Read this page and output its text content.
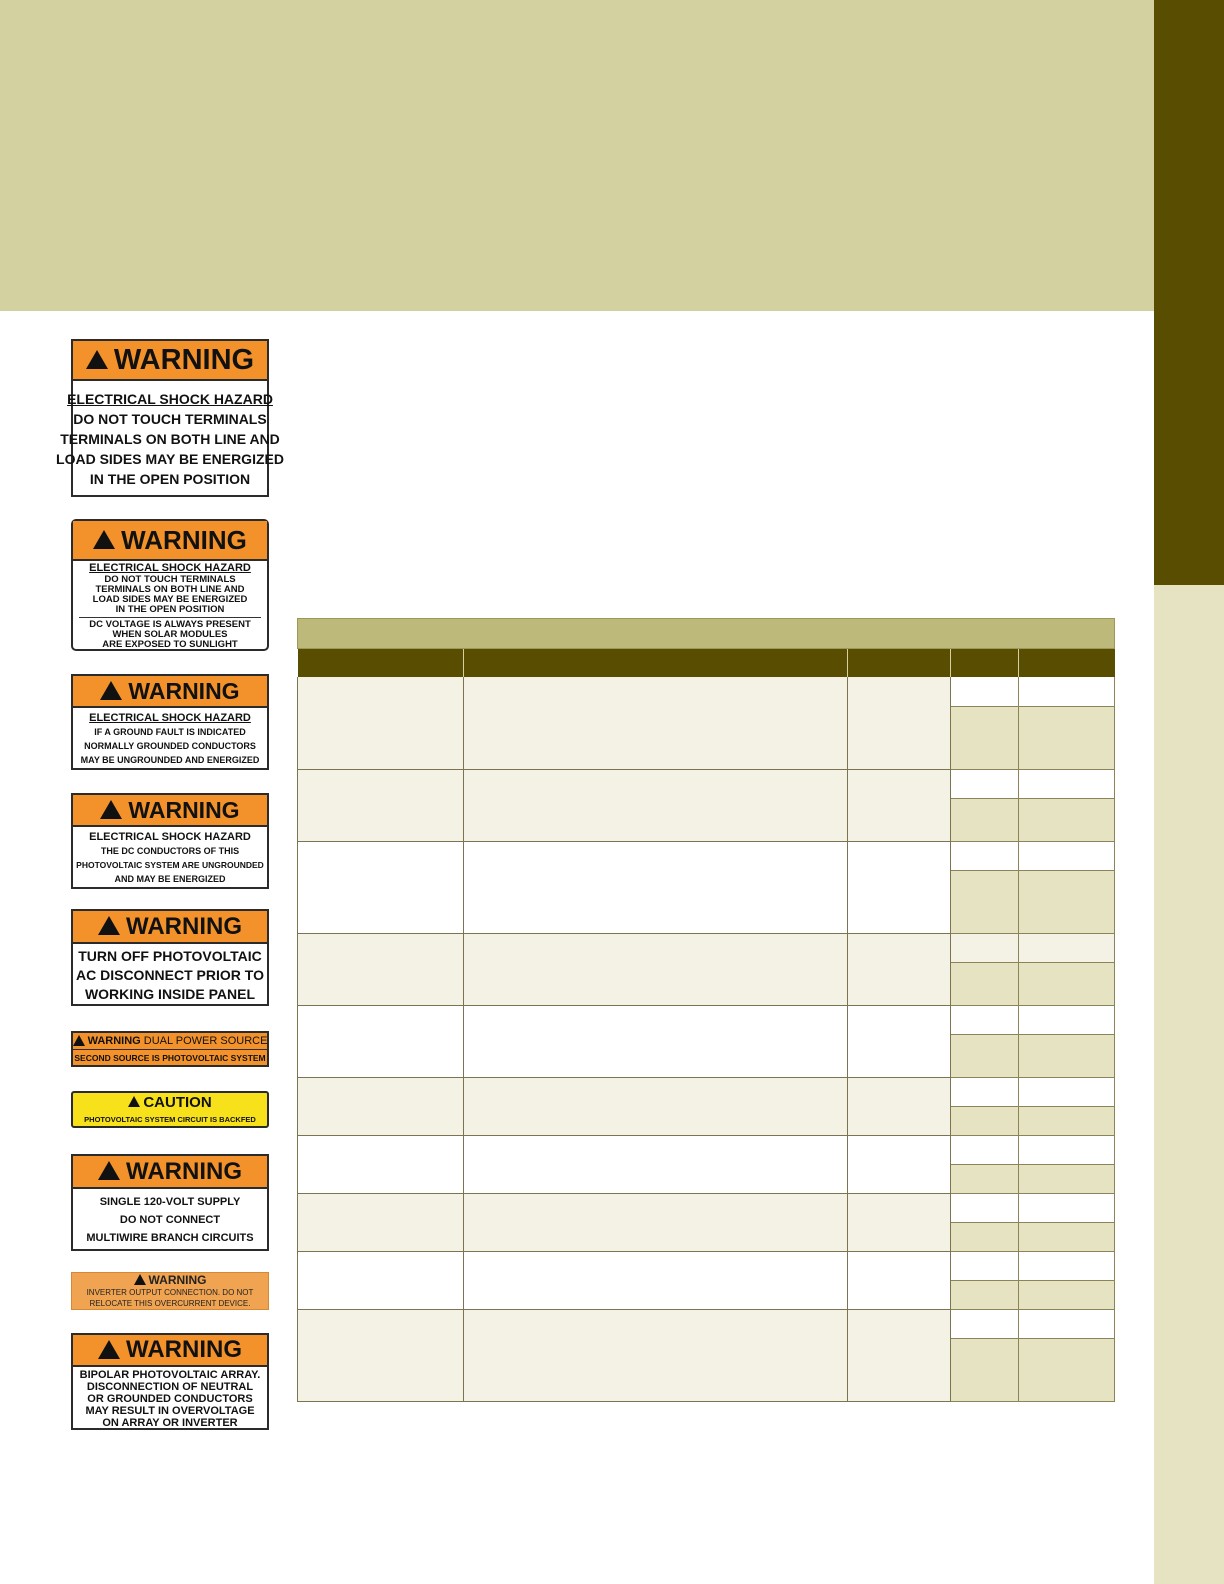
WARNING
ELECTRICAL SHOCK HAZARD
DO NOT TOUCH TERMINALS
TERMINALS ON BOTH LINE AND
LOAD SIDES MAY BE ENERGIZED
IN THE OPEN POSITION
WARNING
ELECTRICAL SHOCK HAZARD
DO NOT TOUCH TERMINALS
TERMINALS ON BOTH LINE AND
LOAD SIDES MAY BE ENERGIZED
IN THE OPEN POSITION
DC VOLTAGE IS ALWAYS PRESENT
WHEN SOLAR MODULES
ARE EXPOSED TO SUNLIGHT
WARNING
ELECTRICAL SHOCK HAZARD
IF A GROUND FAULT IS INDICATED
NORMALLY GROUNDED CONDUCTORS
MAY BE UNGROUNDED AND ENERGIZED
WARNING
ELECTRICAL SHOCK HAZARD
THE DC CONDUCTORS OF THIS
PHOTOVOLTAIC SYSTEM ARE UNGROUNDED
AND MAY BE ENERGIZED
WARNING
TURN OFF PHOTOVOLTAIC
AC DISCONNECT PRIOR TO
WORKING INSIDE PANEL
WARNING DUAL POWER SOURCE
SECOND SOURCE IS PHOTOVOLTAIC SYSTEM
CAUTION
PHOTOVOLTAIC SYSTEM CIRCUIT IS BACKFED
WARNING
SINGLE 120-VOLT SUPPLY
DO NOT CONNECT
MULTIWIRE BRANCH CIRCUITS
WARNING
INVERTER OUTPUT CONNECTION. DO NOT
RELOCATE THIS OVERCURRENT DEVICE.
WARNING
BIPOLAR PHOTOVOLTAIC ARRAY.
DISCONNECTION OF NEUTRAL
OR GROUNDED CONDUCTORS
MAY RESULT IN OVERVOLTAGE
ON ARRAY OR INVERTER
